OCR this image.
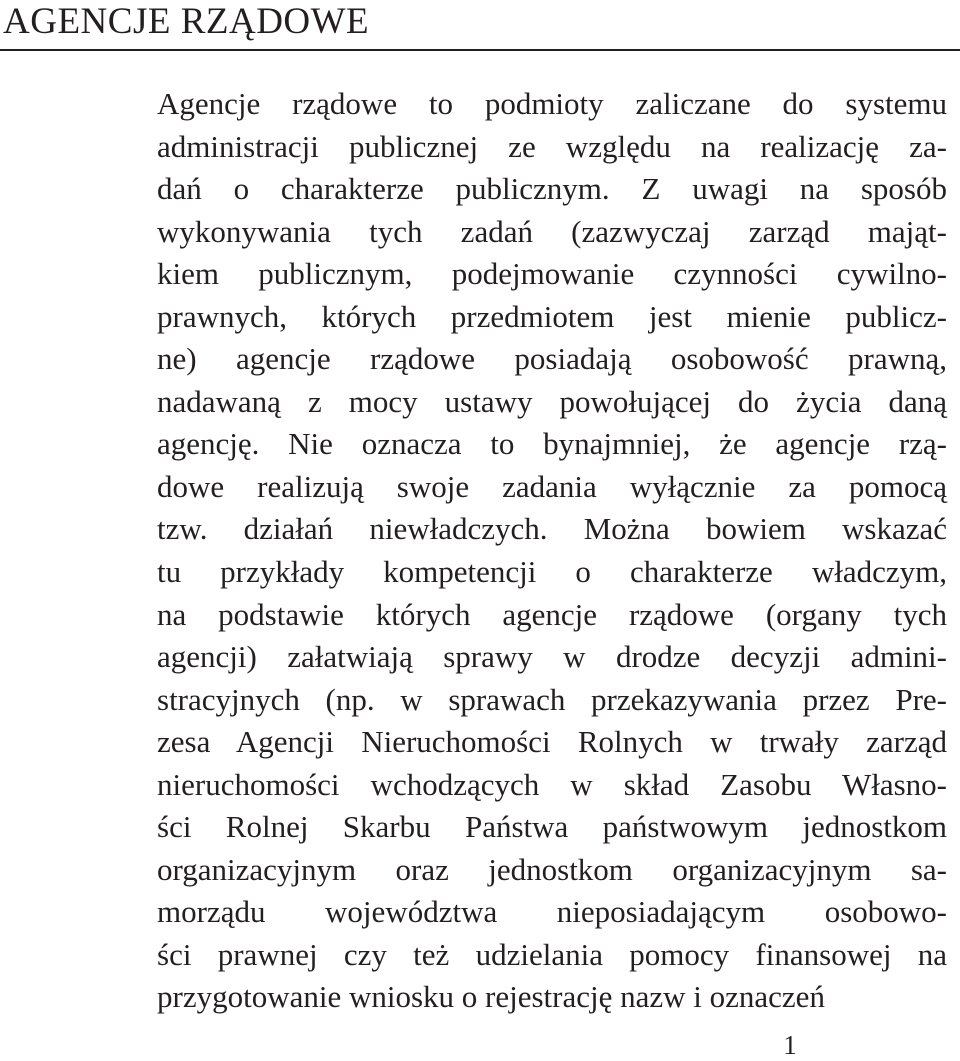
AGENCJE RZĄDOWE
Agencje rządowe to podmioty zaliczane do systemu
administracji publicznej ze względu na realizację za-
dań o charakterze publicznym. Z uwagi na sposób
wykonywania tych zadań (zazwyczaj zarząd mająt-
kiem publicznym, podejmowanie czynności cywilno-
prawnych, których przedmiotem jest mienie publicz-
ne) agencje rządowe posiadają osobowość prawną,
nadawaną z mocy ustawy powołującej do życia daną
agencję. Nie oznacza to bynajmniej, że agencje rzą-
dowe realizują swoje zadania wyłącznie za pomocą
tzw. działań niewładczych. Można bowiem wskazać
tu przykłady kompetencji o charakterze władczym,
na podstawie których agencje rządowe (organy tych
agencji) załatwiają sprawy w drodze decyzji admini-
stracyjnych (np. w sprawach przekazywania przez Pre-
zesa Agencji Nieruchomości Rolnych w trwały zarząd
nieruchomości wchodzących w skład Zasobu Własno-
ści Rolnej Skarbu Państwa państwowym jednostkom
organizacyjnym oraz jednostkom organizacyjnym sa-
morządu województwa nieposiadającym osobowo-
ści prawnej czy też udzielania pomocy finansowej na
przygotowanie wniosku o rejestrację nazw i oznaczeń
1
